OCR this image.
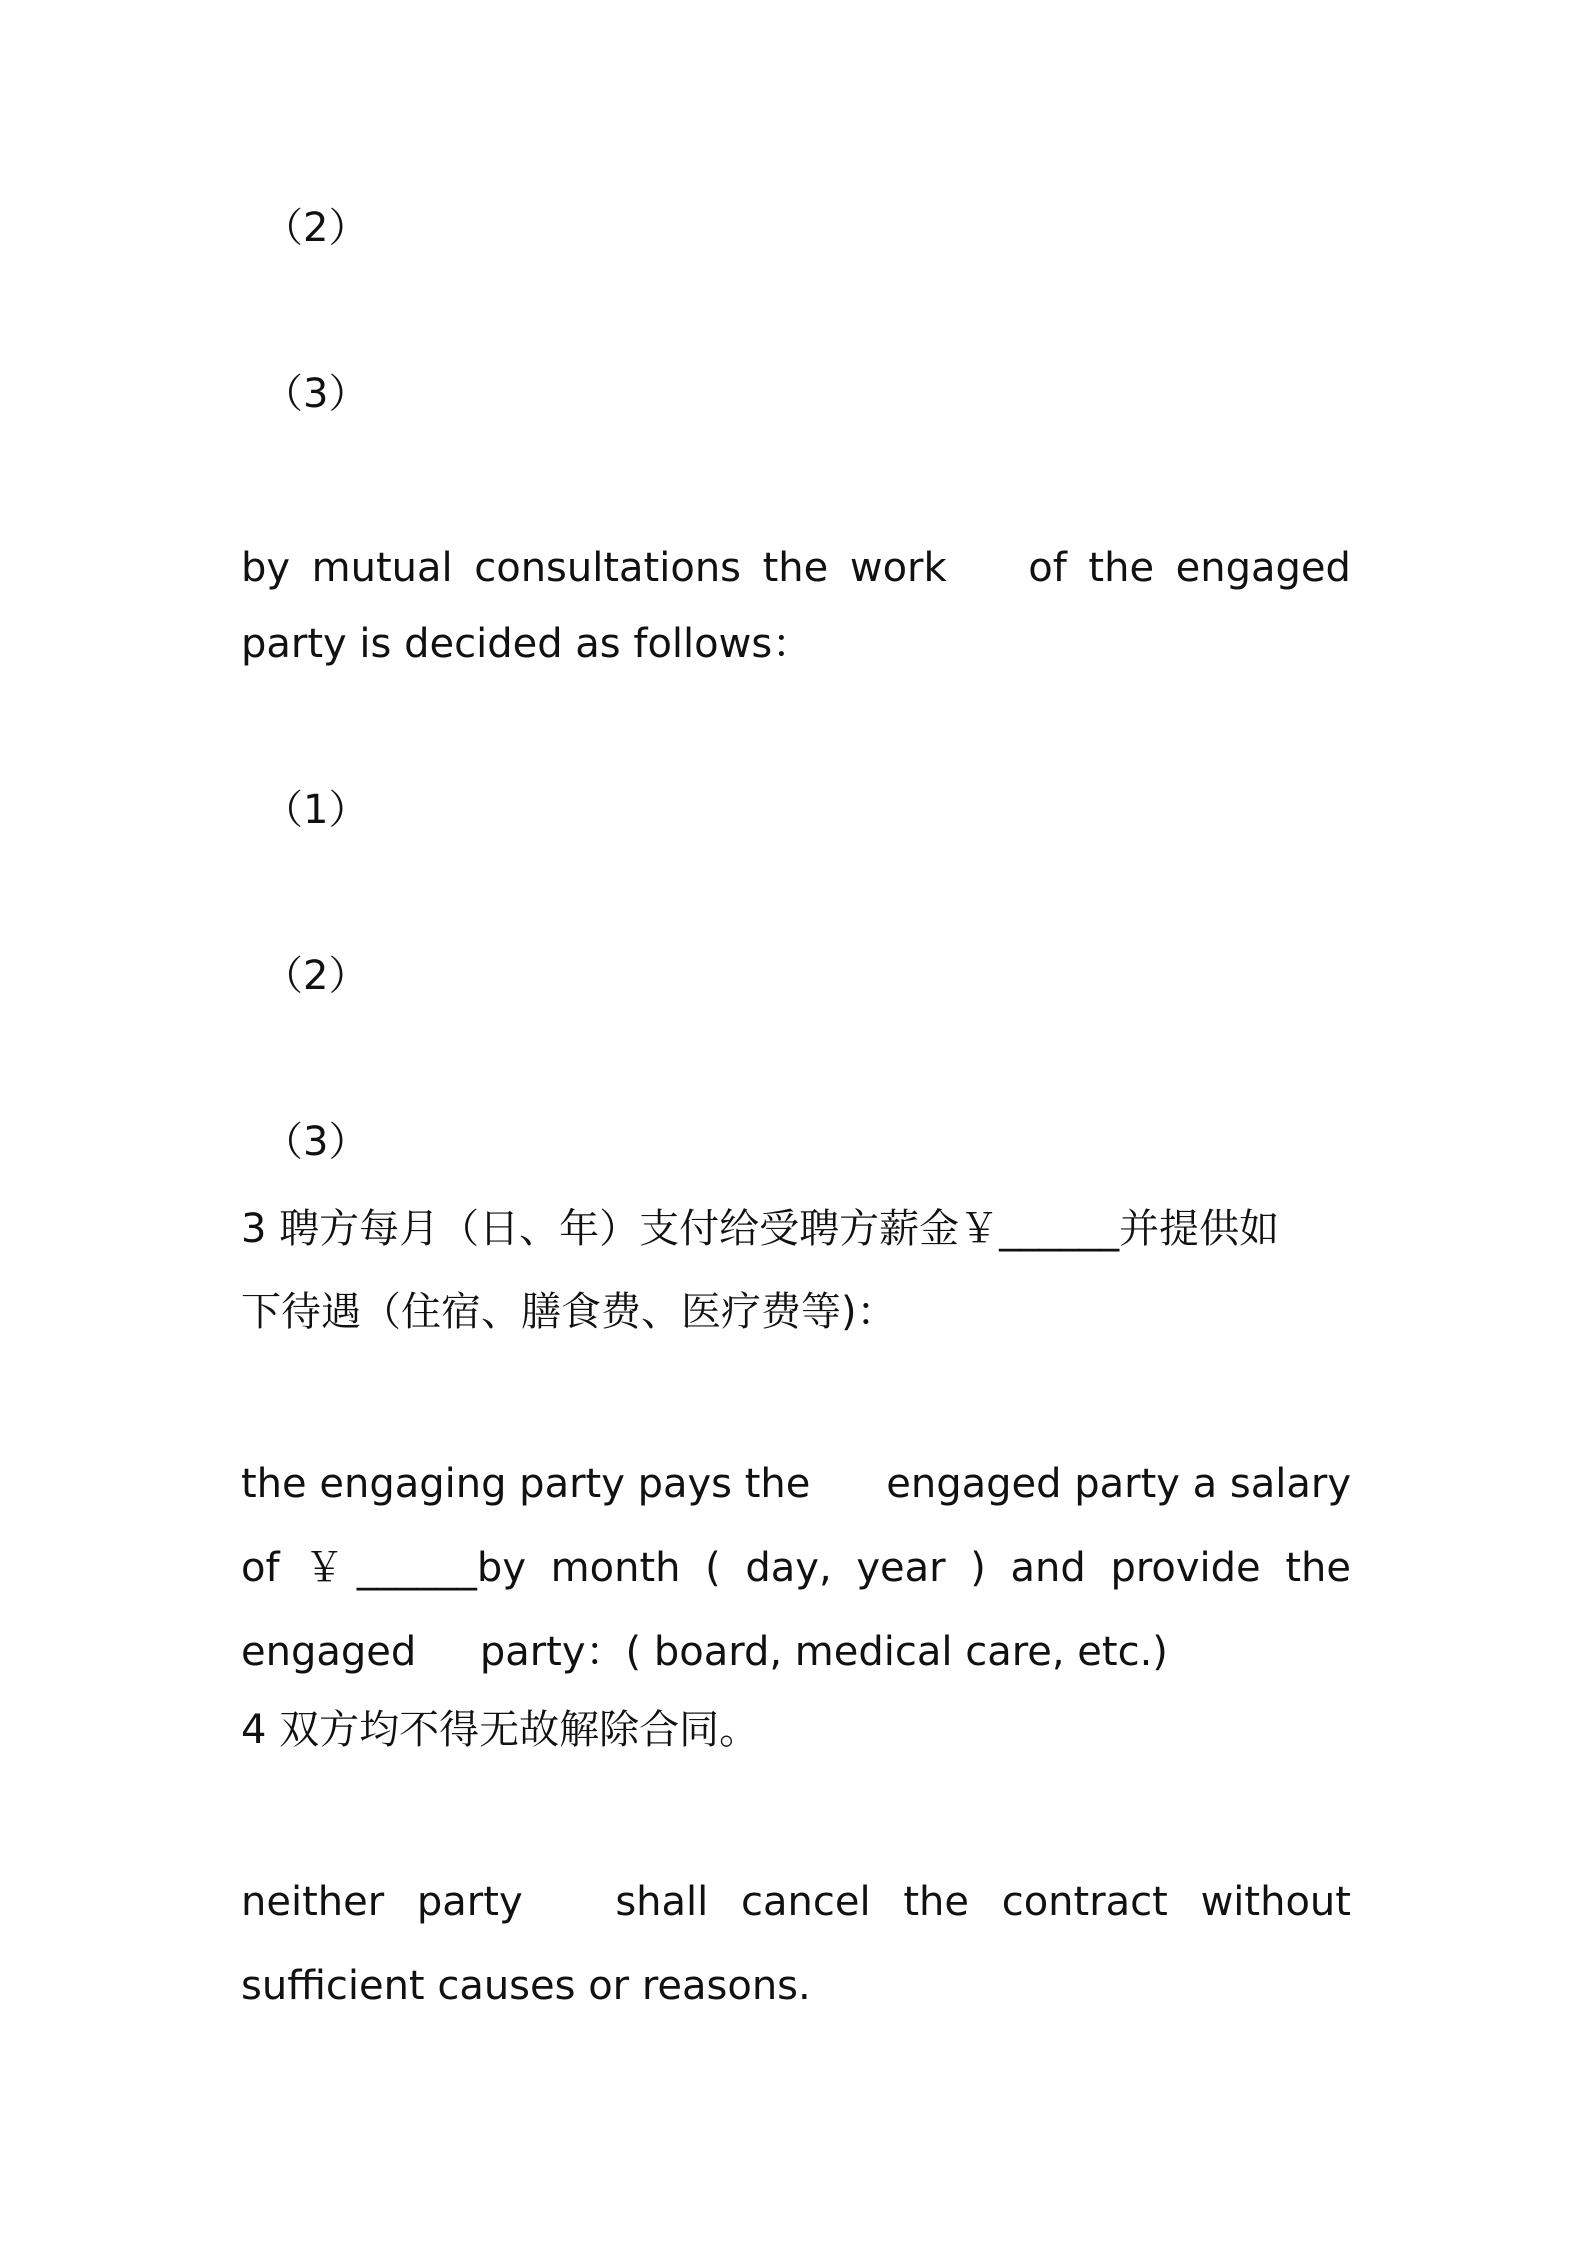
（2）

（3）

by mutual consultations the work of the engaged

party is decided as follows：

（1）

（2）

（3）

3 聘方每月（日、年）支付给受聘方薪金￥______并提供如

下待遇（住宿、膳食费、医疗费等)：

the engaging party pays the engaged party a salary
of ￥ ______by month ( day, year ) and provide the

engaged     party：( board, medical care, etc.)

4 双方均不得无故解除合同。

neither party shall cancel the contract without

sufficient causes or reasons.
